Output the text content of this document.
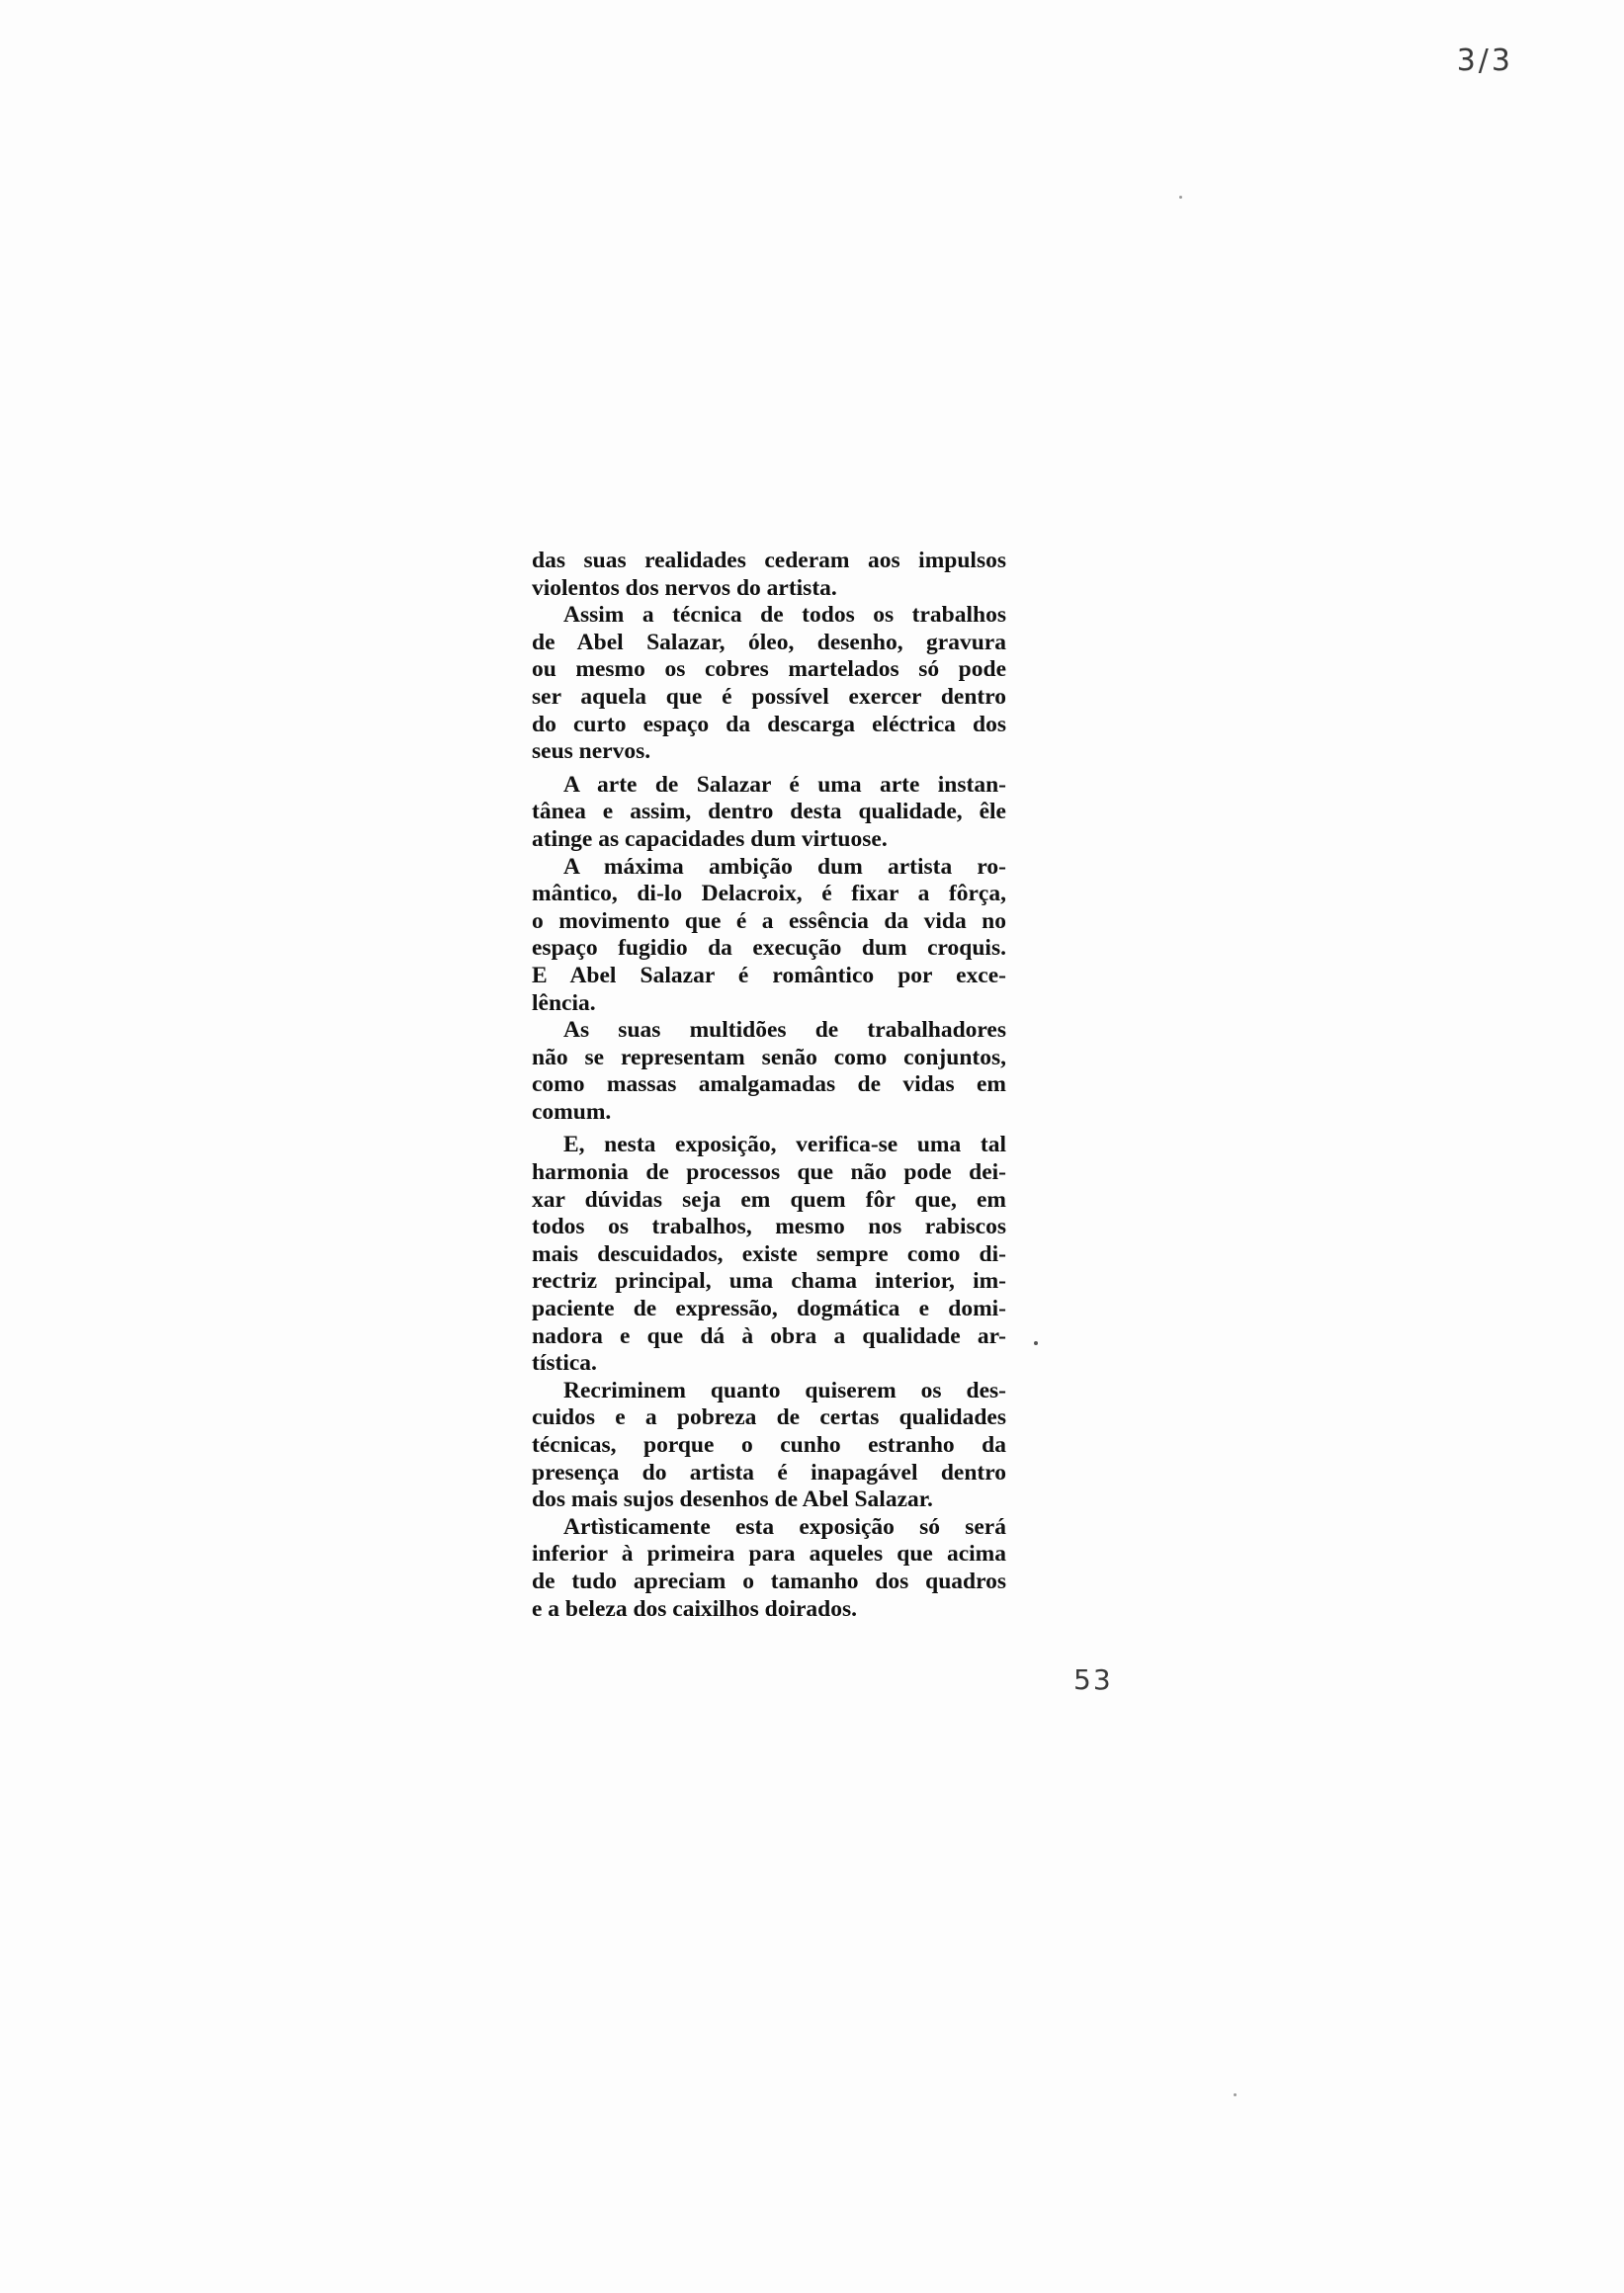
3/3
das suas realidades cederam aos impulsos
violentos dos nervos do artista.
Assim a técnica de todos os trabalhos
de Abel Salazar, óleo, desenho, gravura
ou mesmo os cobres martelados só pode
ser aquela que é possível exercer dentro
do curto espaço da descarga eléctrica dos
seus nervos.
A arte de Salazar é uma arte instan-
tânea e assim, dentro desta qualidade, êle
atinge as capacidades dum virtuose.
A máxima ambição dum artista ro-
mântico, di-lo Delacroix, é fixar a fôrça,
o movimento que é a essência da vida no
espaço fugidio da execução dum croquis.
E Abel Salazar é romântico por exce-
lência.
As suas multidões de trabalhadores
não se representam senão como conjuntos,
como massas amalgamadas de vidas em
comum.
E, nesta exposição, verifica-se uma tal
harmonia de processos que não pode dei-
xar dúvidas seja em quem fôr que, em
todos os trabalhos, mesmo nos rabiscos
mais descuidados, existe sempre como di-
rectriz principal, uma chama interior, im-
paciente de expressão, dogmática e domi-
nadora e que dá à obra a qualidade ar-
tística.
Recriminem quanto quiserem os des-
cuidos e a pobreza de certas qualidades
técnicas, porque o cunho estranho da
presença do artista é inapagável dentro
dos mais sujos desenhos de Abel Salazar.
Artìsticamente esta exposição só será
inferior à primeira para aqueles que acima
de tudo apreciam o tamanho dos quadros
e a beleza dos caixilhos doirados.
53
